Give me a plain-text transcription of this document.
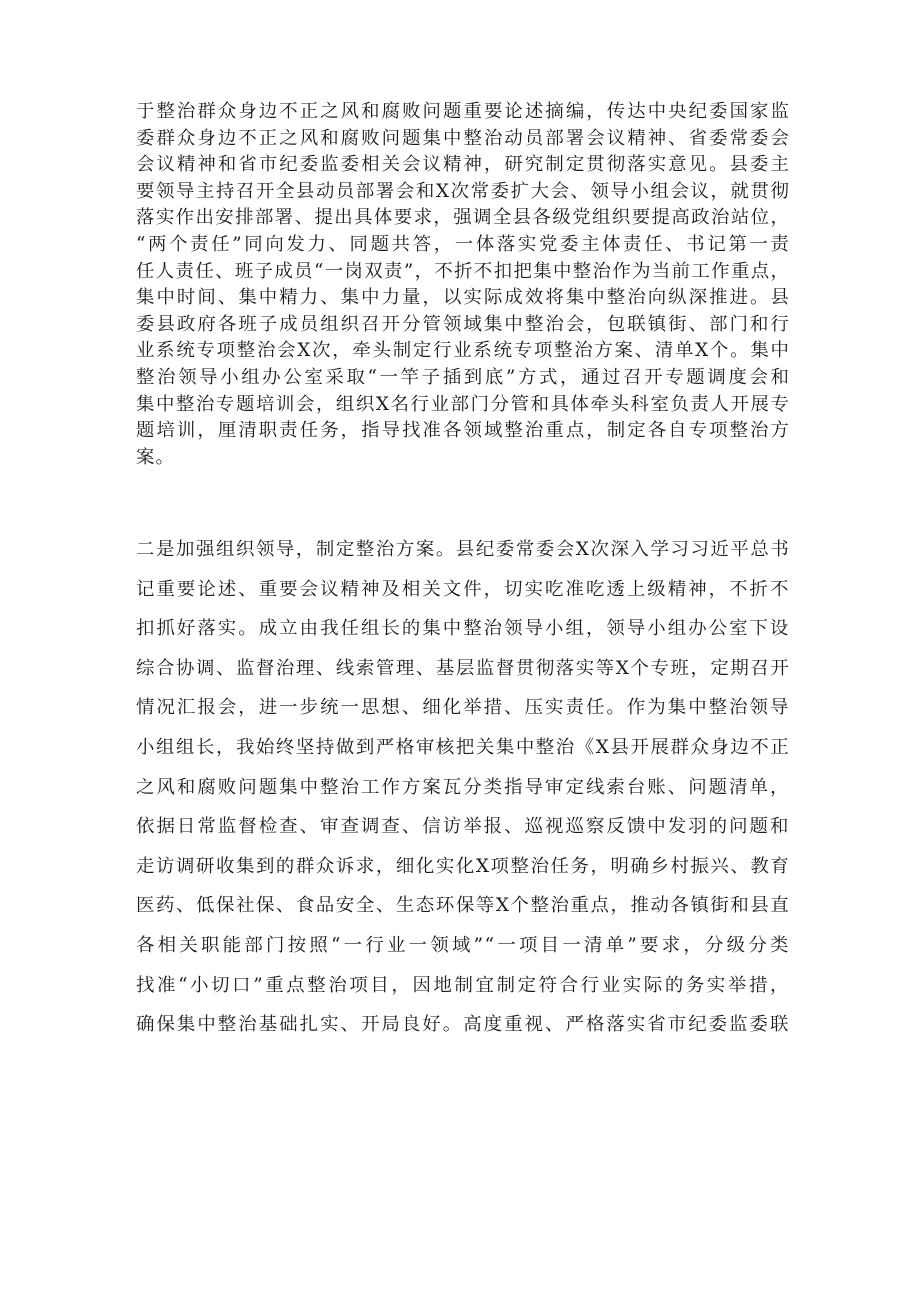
于整治群众身边不正之风和腐败问题重要论述摘编，传达中央纪委国家监
委群众身边不正之风和腐败问题集中整治动员部署会议精神、省委常委会
会议精神和省市纪委监委相关会议精神，研究制定贯彻落实意见。县委主
要领导主持召开全县动员部署会和X次常委扩大会、领导小组会议，就贯彻
落实作出安排部署、提出具体要求，强调全县各级党组织要提高政治站位，
“两个责任”同向发力、同题共答，一体落实党委主体责任、书记第一责
任人责任、班子成员“一岗双责”，不折不扣把集中整治作为当前工作重点，
集中时间、集中精力、集中力量，以实际成效将集中整治向纵深推进。县
委县政府各班子成员组织召开分管领域集中整治会，包联镇街、部门和行
业系统专项整治会X次，牵头制定行业系统专项整治方案、清单X个。集中
整治领导小组办公室采取“一竿子插到底”方式，通过召开专题调度会和
集中整治专题培训会，组织X名行业部门分管和具体牵头科室负责人开展专
题培训，厘清职责任务，指导找准各领域整治重点，制定各自专项整治方
案。
二是加强组织领导，制定整治方案。县纪委常委会X次深入学习习近平总书
记重要论述、重要会议精神及相关文件，切实吃准吃透上级精神，不折不
扣抓好落实。成立由我任组长的集中整治领导小组，领导小组办公室下设
综合协调、监督治理、线索管理、基层监督贯彻落实等X个专班，定期召开
情况汇报会，进一步统一思想、细化举措、压实责任。作为集中整治领导
小组组长，我始终坚持做到严格审核把关集中整治《X县开展群众身边不正
之风和腐败问题集中整治工作方案瓦分类指导审定线索台账、问题清单，
依据日常监督检查、审查调查、信访举报、巡视巡察反馈中发羽的问题和
走访调研收集到的群众诉求，细化实化X项整治任务，明确乡村振兴、教育
医药、低保社保、食品安全、生态环保等X个整治重点，推动各镇街和县直
各相关职能部门按照“一行业一领域”“一项目一清单”要求，分级分类
找准“小切口”重点整治项目，因地制宜制定符合行业实际的务实举措，
确保集中整治基础扎实、开局良好。高度重视、严格落实省市纪委监委联
